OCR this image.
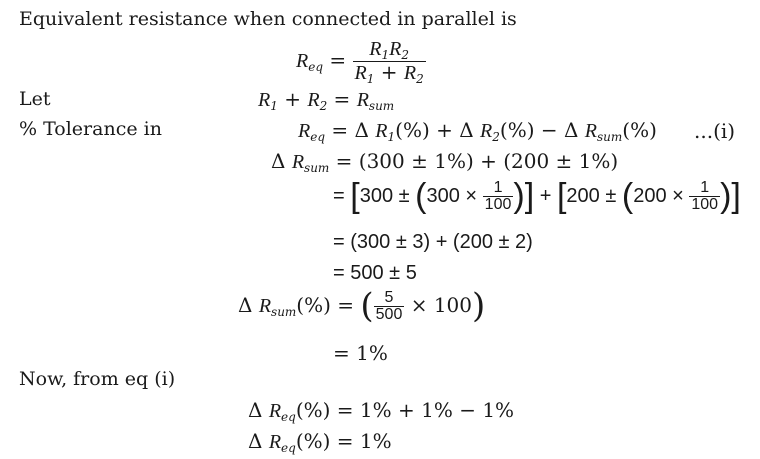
Equivalent resistance when connected in parallel is
$R_{eq} = \frac{R_1R_2}{R_1 + R_2}$
Let	$R_1 + R_2 = R_{sum}$
% Tolerance in	$R_{eq} = \Delta$ $R_1(\%) + \Delta$ $R_2(\%) - \Delta$ $R_{sum}(\%)$ ...(i)
Δ $R_{sum} = (300 \pm 1\%) + (200 \pm 1\%)$
= [$300 \pm (300 \times \frac{1}{100}$ )] + [$200 \pm (200 \times \frac{1}{100}$ )]
= (300 ± 3) + (200 ± 2)
= 500 ± 5
Δ $R_{sum}(\%)$ = ( $\frac{5}{500} \times 100$)
= 1%
Now, from eq (i)
Δ $R_{eq}(\%) = 1\% + 1\% - 1\%$
Δ $R_{eq}(\%) = 1\%$
